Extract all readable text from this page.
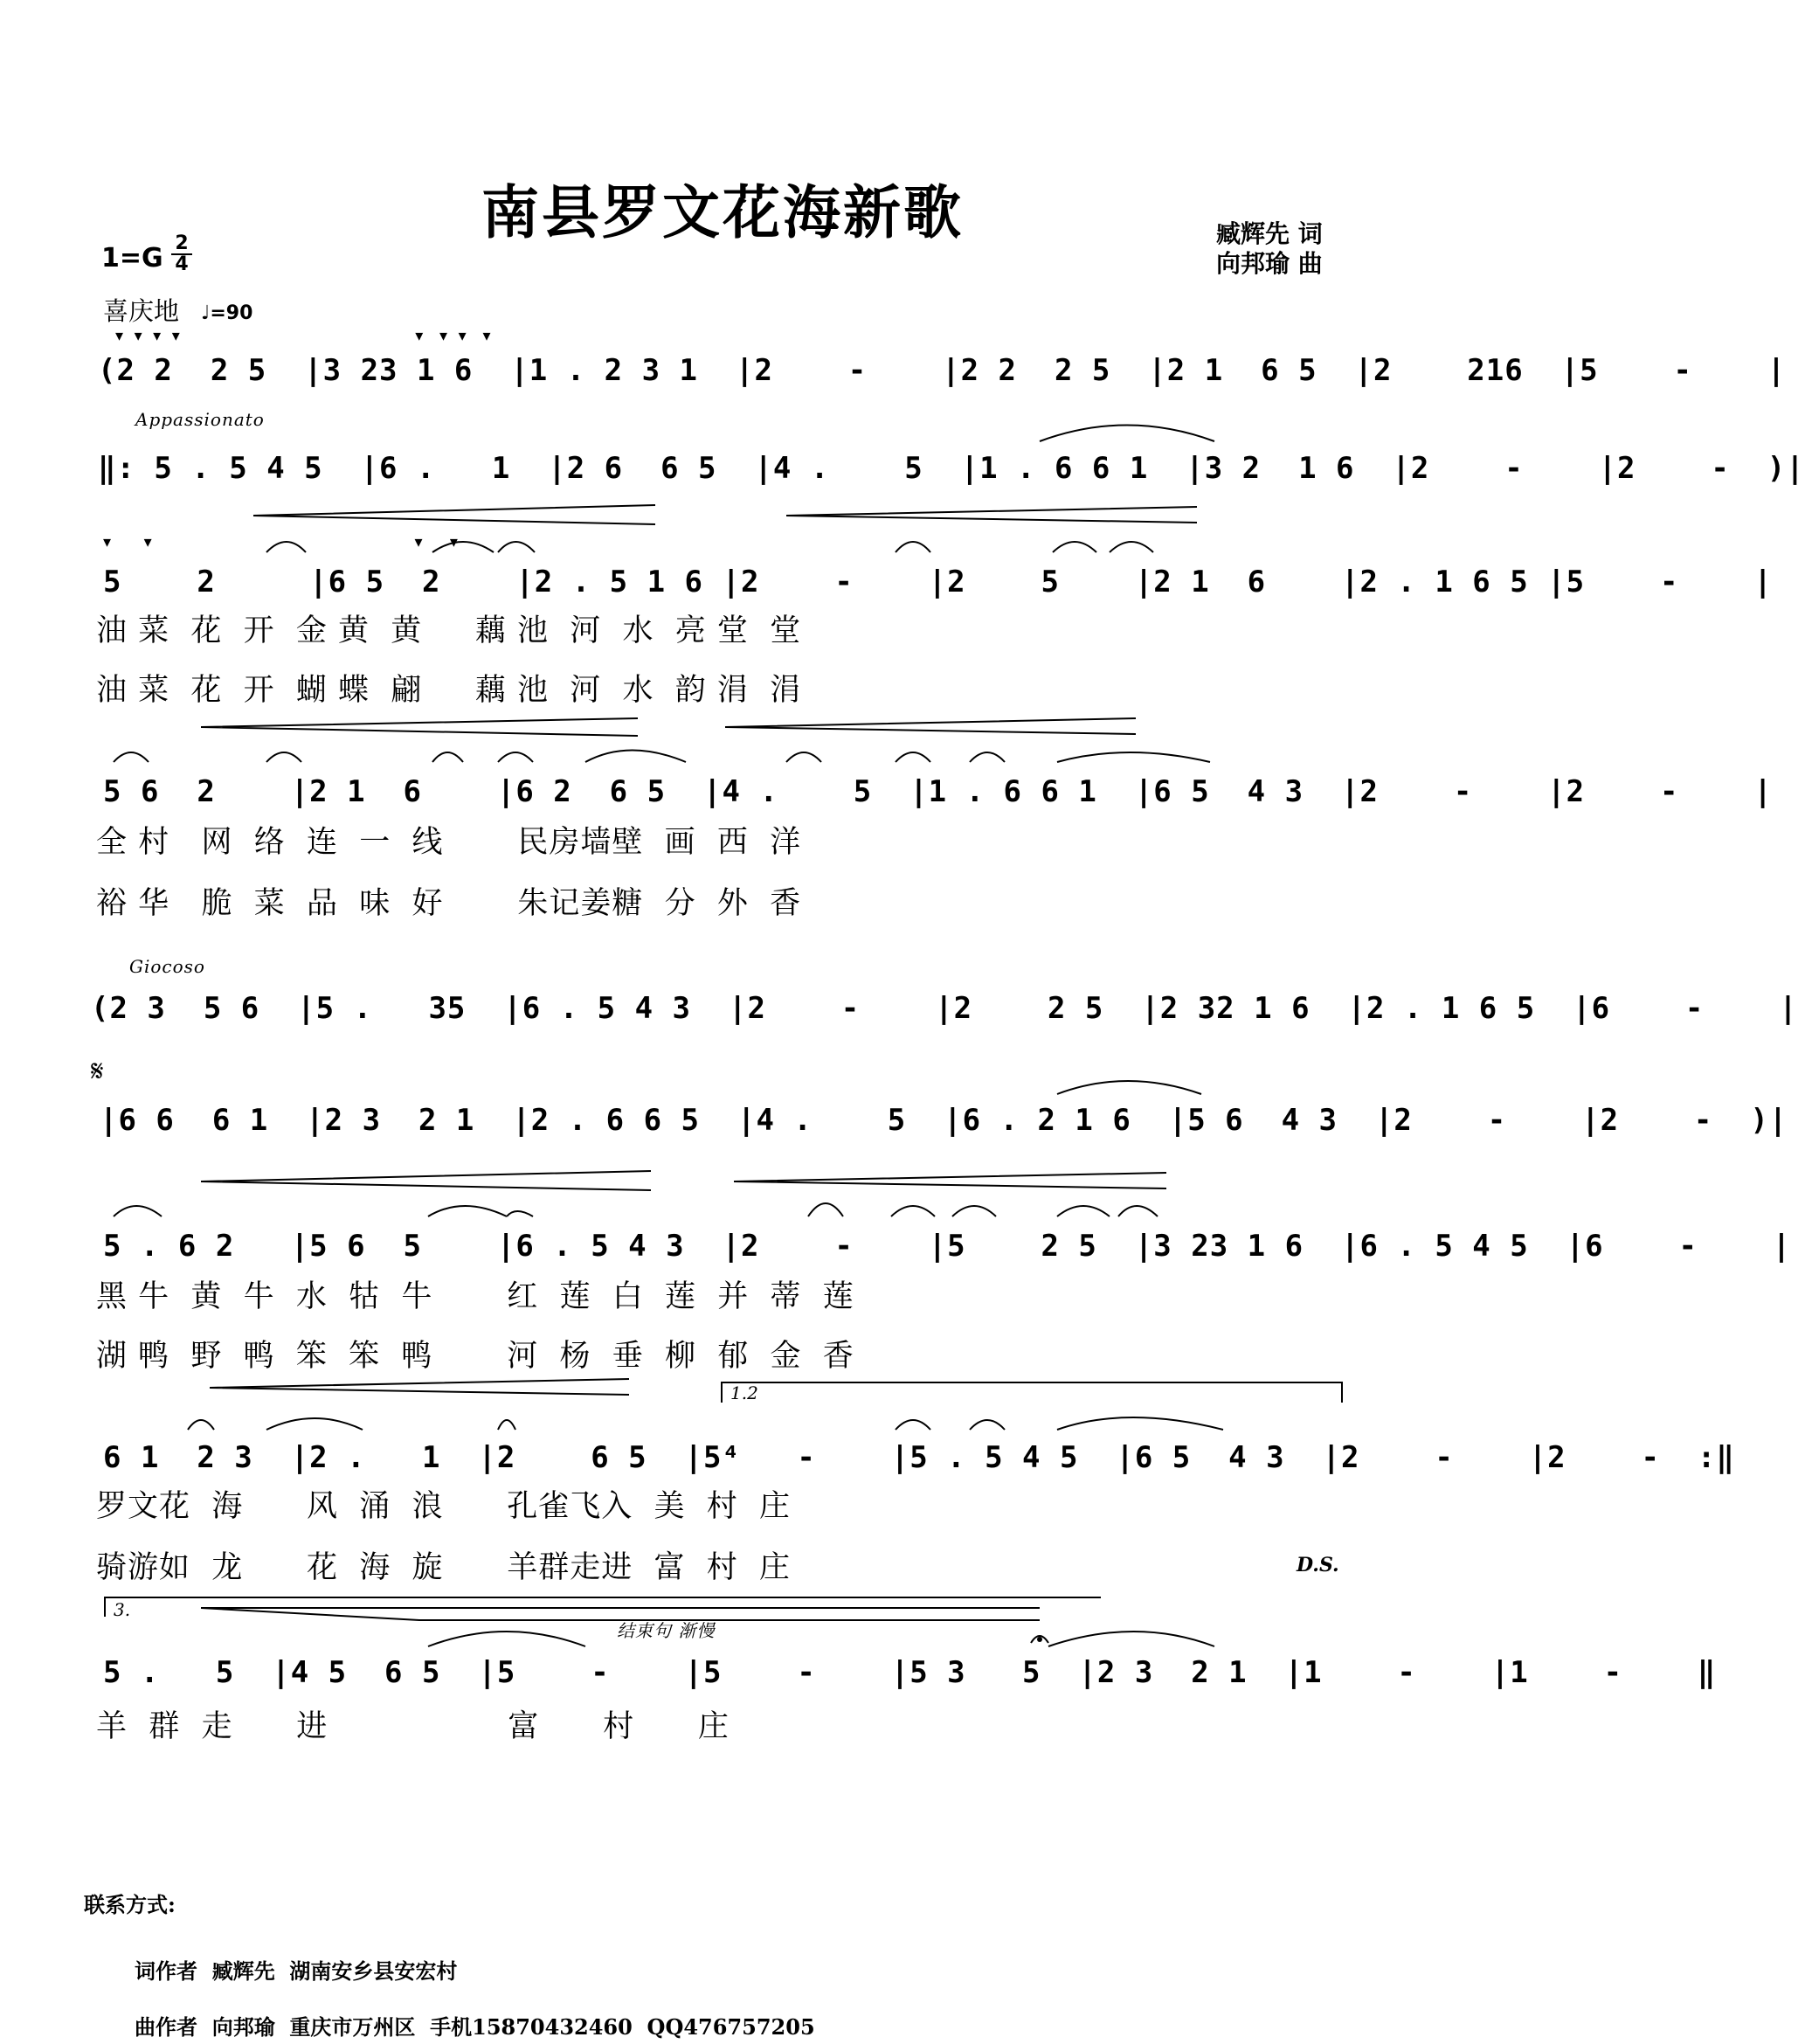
南县罗文花海新歌	臧辉先 词
向邦瑜 曲
1=G 2
4
喜庆地 ♩=90
▾  ▾  ▾  ▾                                           ▾   ▾  ▾   ▾
(2 2  2 5  |3 23 1 6  |1 . 2 3 1  |2    -    |2 2  2 5  |2 1  6 5  |2    216  |5    -    |
Appassionato
‖: 5 . 5 4 5  |6 .   1  |2 6  6 5  |4 .    5  |1 . 6 6 1  |3 2  1 6  |2    -    |2    -  )|
▾      ▾                                                ▾     ▾
5    2     |6 5  2    |2 . 5 1 6 |2    -    |2    5    |2 1  6    |2 . 1 6 5 |5    -    |
油 菜  花  开  金 黄  黄     藕 池  河  水  亮 堂  堂
油 菜  花  开  蝴 蝶  翩     藕 池  河  水  韵 涓  涓
5 6  2    |2 1  6    |6 2  6 5  |4 .    5  |1 . 6 6 1  |6 5  4 3  |2    -    |2    -    |
全 村   网  络  连  一  线       民房墙壁  画  西  洋
裕 华   脆  菜  品  味  好       朱记姜糖  分  外  香
Giocoso
(2 3  5 6  |5 .   35  |6 . 5 4 3  |2    -    |2    2 5  |2 32 1 6  |2 . 1 6 5  |6    -    |
𝄋
|6 6  6 1  |2 3  2 1  |2 . 6 6 5  |4 .    5  |6 . 2 1 6  |5 6  4 3  |2    -    |2    -  )|
5 . 6 2   |5 6  5    |6 . 5 4 3  |2    -    |5    2 5  |3 23 1 6  |6 . 5 4 5  |6    -    |
黑 牛  黄  牛  水  牯  牛       红  莲  白  莲  并  蒂  莲
湖 鸭  野  鸭  笨  笨  鸭       河  杨  垂  柳  郁  金  香
1.2
6 1  2 3  |2 .   1  |2    6 5  |5⁴   -    |5 . 5 4 5  |6 5  4 3  |2    -    |2    -  :‖
罗文花  海      风  涌  浪      孔雀飞入  美  村  庄
骑游如  龙      花  海  旋      羊群走进  富  村  庄	D.S.
3.
结束句 渐慢
5 .   5  |4 5  6 5  |5    -    |5    -    |5 3   5  |2 3  2 1  |1    -    |1    -    ‖
羊  群  走      进                 富      村      庄
联系方式:
词作者  臧辉先  湖南安乡县安宏村
曲作者  向邦瑜  重庆市万州区  手机15870432460  QQ476757205
